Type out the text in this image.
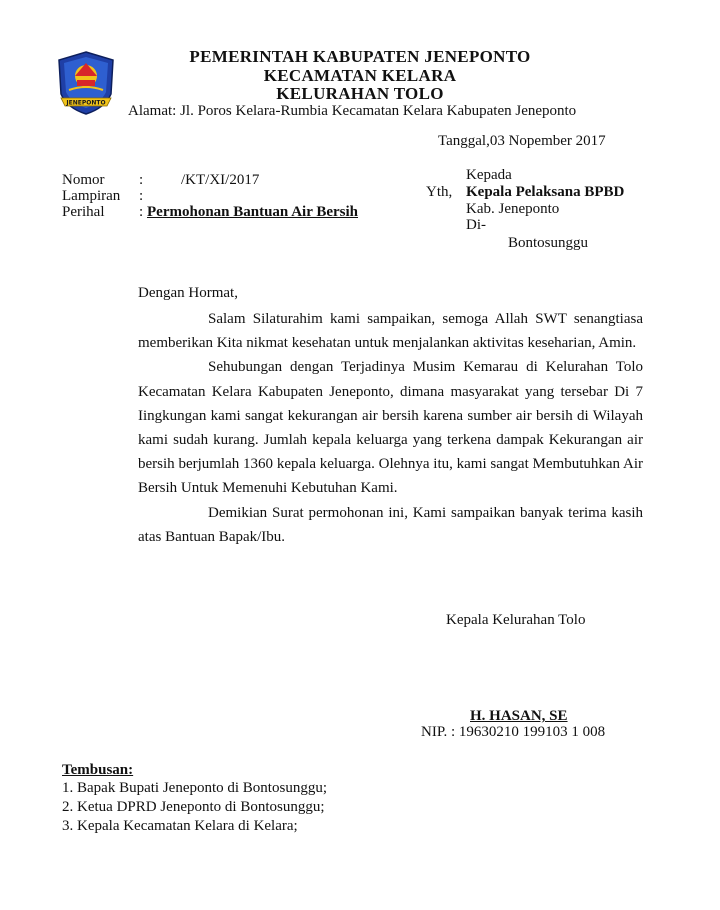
JENEPONTO
PEMERINTAH KABUPATEN JENEPONTO
KECAMATAN KELARA
KELURAHAN TOLO
Alamat: Jl. Poros Kelara-Rumbia Kecamatan Kelara Kabupaten Jeneponto
Tanggal,03 Nopember 2017
Nomor :	/KT/XI/2017
Lampiran :
Perihal : Permohonan Bantuan Air Bersih
Kepada
Yth, Kepala Pelaksana BPBD
Kab. Jeneponto
Di-
Bontosunggu
Dengan Hormat,

Salam Silaturahim kami sampaikan, semoga Allah SWT senangtiasa memberikan Kita nikmat kesehatan untuk menjalankan aktivitas keseharian, Amin.

Sehubungan dengan Terjadinya Musim Kemarau di Kelurahan Tolo Kecamatan Kelara Kabupaten Jeneponto, dimana masyarakat yang tersebar Di 7 Iingkungan kami sangat kekurangan air bersih karena sumber air bersih di Wilayah kami sudah kurang. Jumlah kepala keluarga yang terkena dampak Kekurangan air bersih berjumlah 1360 kepala keluarga. Olehnya itu, kami sangat Membutuhkan Air Bersih Untuk Memenuhi Kebutuhan Kami.

Demikian Surat permohonan ini, Kami sampaikan banyak terima kasih atas Bantuan Bapak/Ibu.

Kepala Kelurahan Tolo
H. HASAN, SE
NIP. : 19630210 199103 1 008
Tembusan:
1. Bapak Bupati Jeneponto di Bontosunggu;
2. Ketua DPRD Jeneponto di Bontosunggu;
3. Kepala Kecamatan Kelara di Kelara;
